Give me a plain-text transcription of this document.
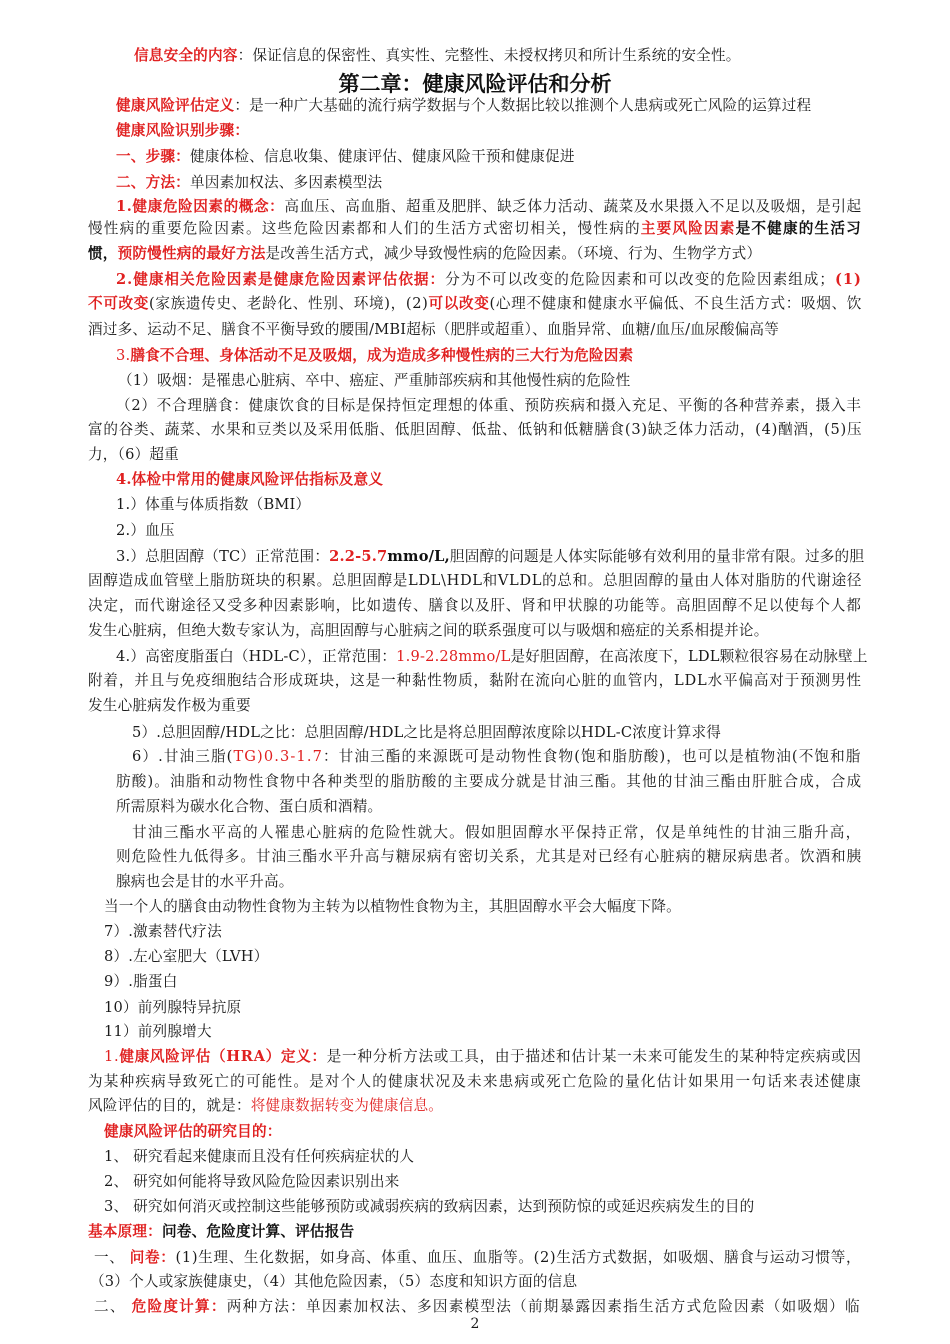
第二章：健康风险评估和分析
信息安全的内容：保证信息的保密性、真实性、完整性、未授权拷贝和所计生系统的安全性。
健康风险评估定义：是一种广大基础的流行病学数据与个人数据比较以推测个人患病或死亡风险的运算过程
健康风险识别步骤：
一、步骤：健康体检、信息收集、健康评估、健康风险干预和健康促进
二、方法：单因素加权法、多因素模型法
1.健康危险因素的概念：高血压、高血脂、超重及肥胖、缺乏体力活动、蔬菜及水果摄入不足以及吸烟，是引起
慢性病的重要危险因素。这些危险因素都和人们的生活方式密切相关，慢性病的主要风险因素是不健康的生活习
惯，预防慢性病的最好方法是改善生活方式，减少导致慢性病的危险因素。（环境、行为、生物学方式）
2.健康相关危险因素是健康危险因素评估依据：分为不可以改变的危险因素和可以改变的危险因素组成；(1)
不可改变(家族遗传史、老龄化、性别、环境)，(2)可以改变(心理不健康和健康水平偏低、不良生活方式：吸烟、饮
酒过多、运动不足、膳食不平衡导致的腰围/MBI超标（肥胖或超重）、血脂异常、血糖/血压/血尿酸偏高等
3.膳食不合理、身体活动不足及吸烟，成为造成多种慢性病的三大行为危险因素
（1）吸烟：是罹患心脏病、卒中、癌症、严重肺部疾病和其他慢性病的危险性
（2）不合理膳食：健康饮食的目标是保持恒定理想的体重、预防疾病和摄入充足、平衡的各种营养素，摄入丰
富的谷类、蔬菜、水果和豆类以及采用低脂、低胆固醇、低盐、低钠和低糖膳食(3)缺乏体力活动，(4)酗酒，(5)压
力，（6）超重
4.体检中常用的健康风险评估指标及意义
1.）体重与体质指数（BMI）
2.）血压
3.）总胆固醇（TC）正常范围：2.2-5.7mmo/L,胆固醇的问题是人体实际能够有效利用的量非常有限。过多的胆
固醇造成血管壁上脂肪斑块的积累。总胆固醇是LDL\HDL和VLDL的总和。总胆固醇的量由人体对脂肪的代谢途径
决定，而代谢途径又受多种因素影响，比如遗传、膳食以及肝、肾和甲状腺的功能等。高胆固醇不足以使每个人都
发生心脏病，但绝大数专家认为，高胆固醇与心脏病之间的联系强度可以与吸烟和癌症的关系相提并论。
4.）高密度脂蛋白（HDL-C），正常范围：1.9-2.28mmo/L是好胆固醇，在高浓度下，LDL颗粒很容易在动脉壁上
附着，并且与免疫细胞结合形成斑块，这是一种黏性物质，黏附在流向心脏的血管内，LDL水平偏高对于预测男性
发生心脏病发作极为重要
5）.总胆固醇/HDL之比：总胆固醇/HDL之比是将总胆固醇浓度除以HDL-C浓度计算求得
6）.甘油三脂(TG)0.3-1.7：甘油三酯的来源既可是动物性食物(饱和脂肪酸)，也可以是植物油(不饱和脂
肪酸)。油脂和动物性食物中各种类型的脂肪酸的主要成分就是甘油三酯。其他的甘油三酯由肝脏合成，合成
所需原料为碳水化合物、蛋白质和酒精。
甘油三酯水平高的人罹患心脏病的危险性就大。假如胆固醇水平保持正常，仅是单纯性的甘油三脂升高，
则危险性九低得多。甘油三酯水平升高与糖尿病有密切关系，尤其是对已经有心脏病的糖尿病患者。饮酒和胰
腺病也会是甘的水平升高。
当一个人的膳食由动物性食物为主转为以植物性食物为主，其胆固醇水平会大幅度下降。
7）.激素替代疗法
8）.左心室肥大（LVH）
9）.脂蛋白
10）前列腺特异抗原
11）前列腺增大
1.健康风险评估（HRA）定义：是一种分析方法或工具，由于描述和估计某一未来可能发生的某种特定疾病或因
为某种疾病导致死亡的可能性。是对个人的健康状况及未来患病或死亡危险的量化估计如果用一句话来表述健康
风险评估的目的，就是：将健康数据转变为健康信息。
健康风险评估的研究目的：
1、 研究看起来健康而且没有任何疾病症状的人
2、 研究如何能将导致风险危险因素识别出来
3、 研究如何消灭或控制这些能够预防或减弱疾病的致病因素，达到预防惊的或延迟疾病发生的目的
基本原理：问卷、危险度计算、评估报告
一、 问卷：(1)生理、生化数据，如身高、体重、血压、血脂等。(2)生活方式数据，如吸烟、膳食与运动习惯等，
（3）个人或家族健康史，（4）其他危险因素，（5）态度和知识方面的信息
二、 危险度计算：两种方法：单因素加权法、多因素模型法（前期暴露因素指生活方式危险因素（如吸烟）临
2
